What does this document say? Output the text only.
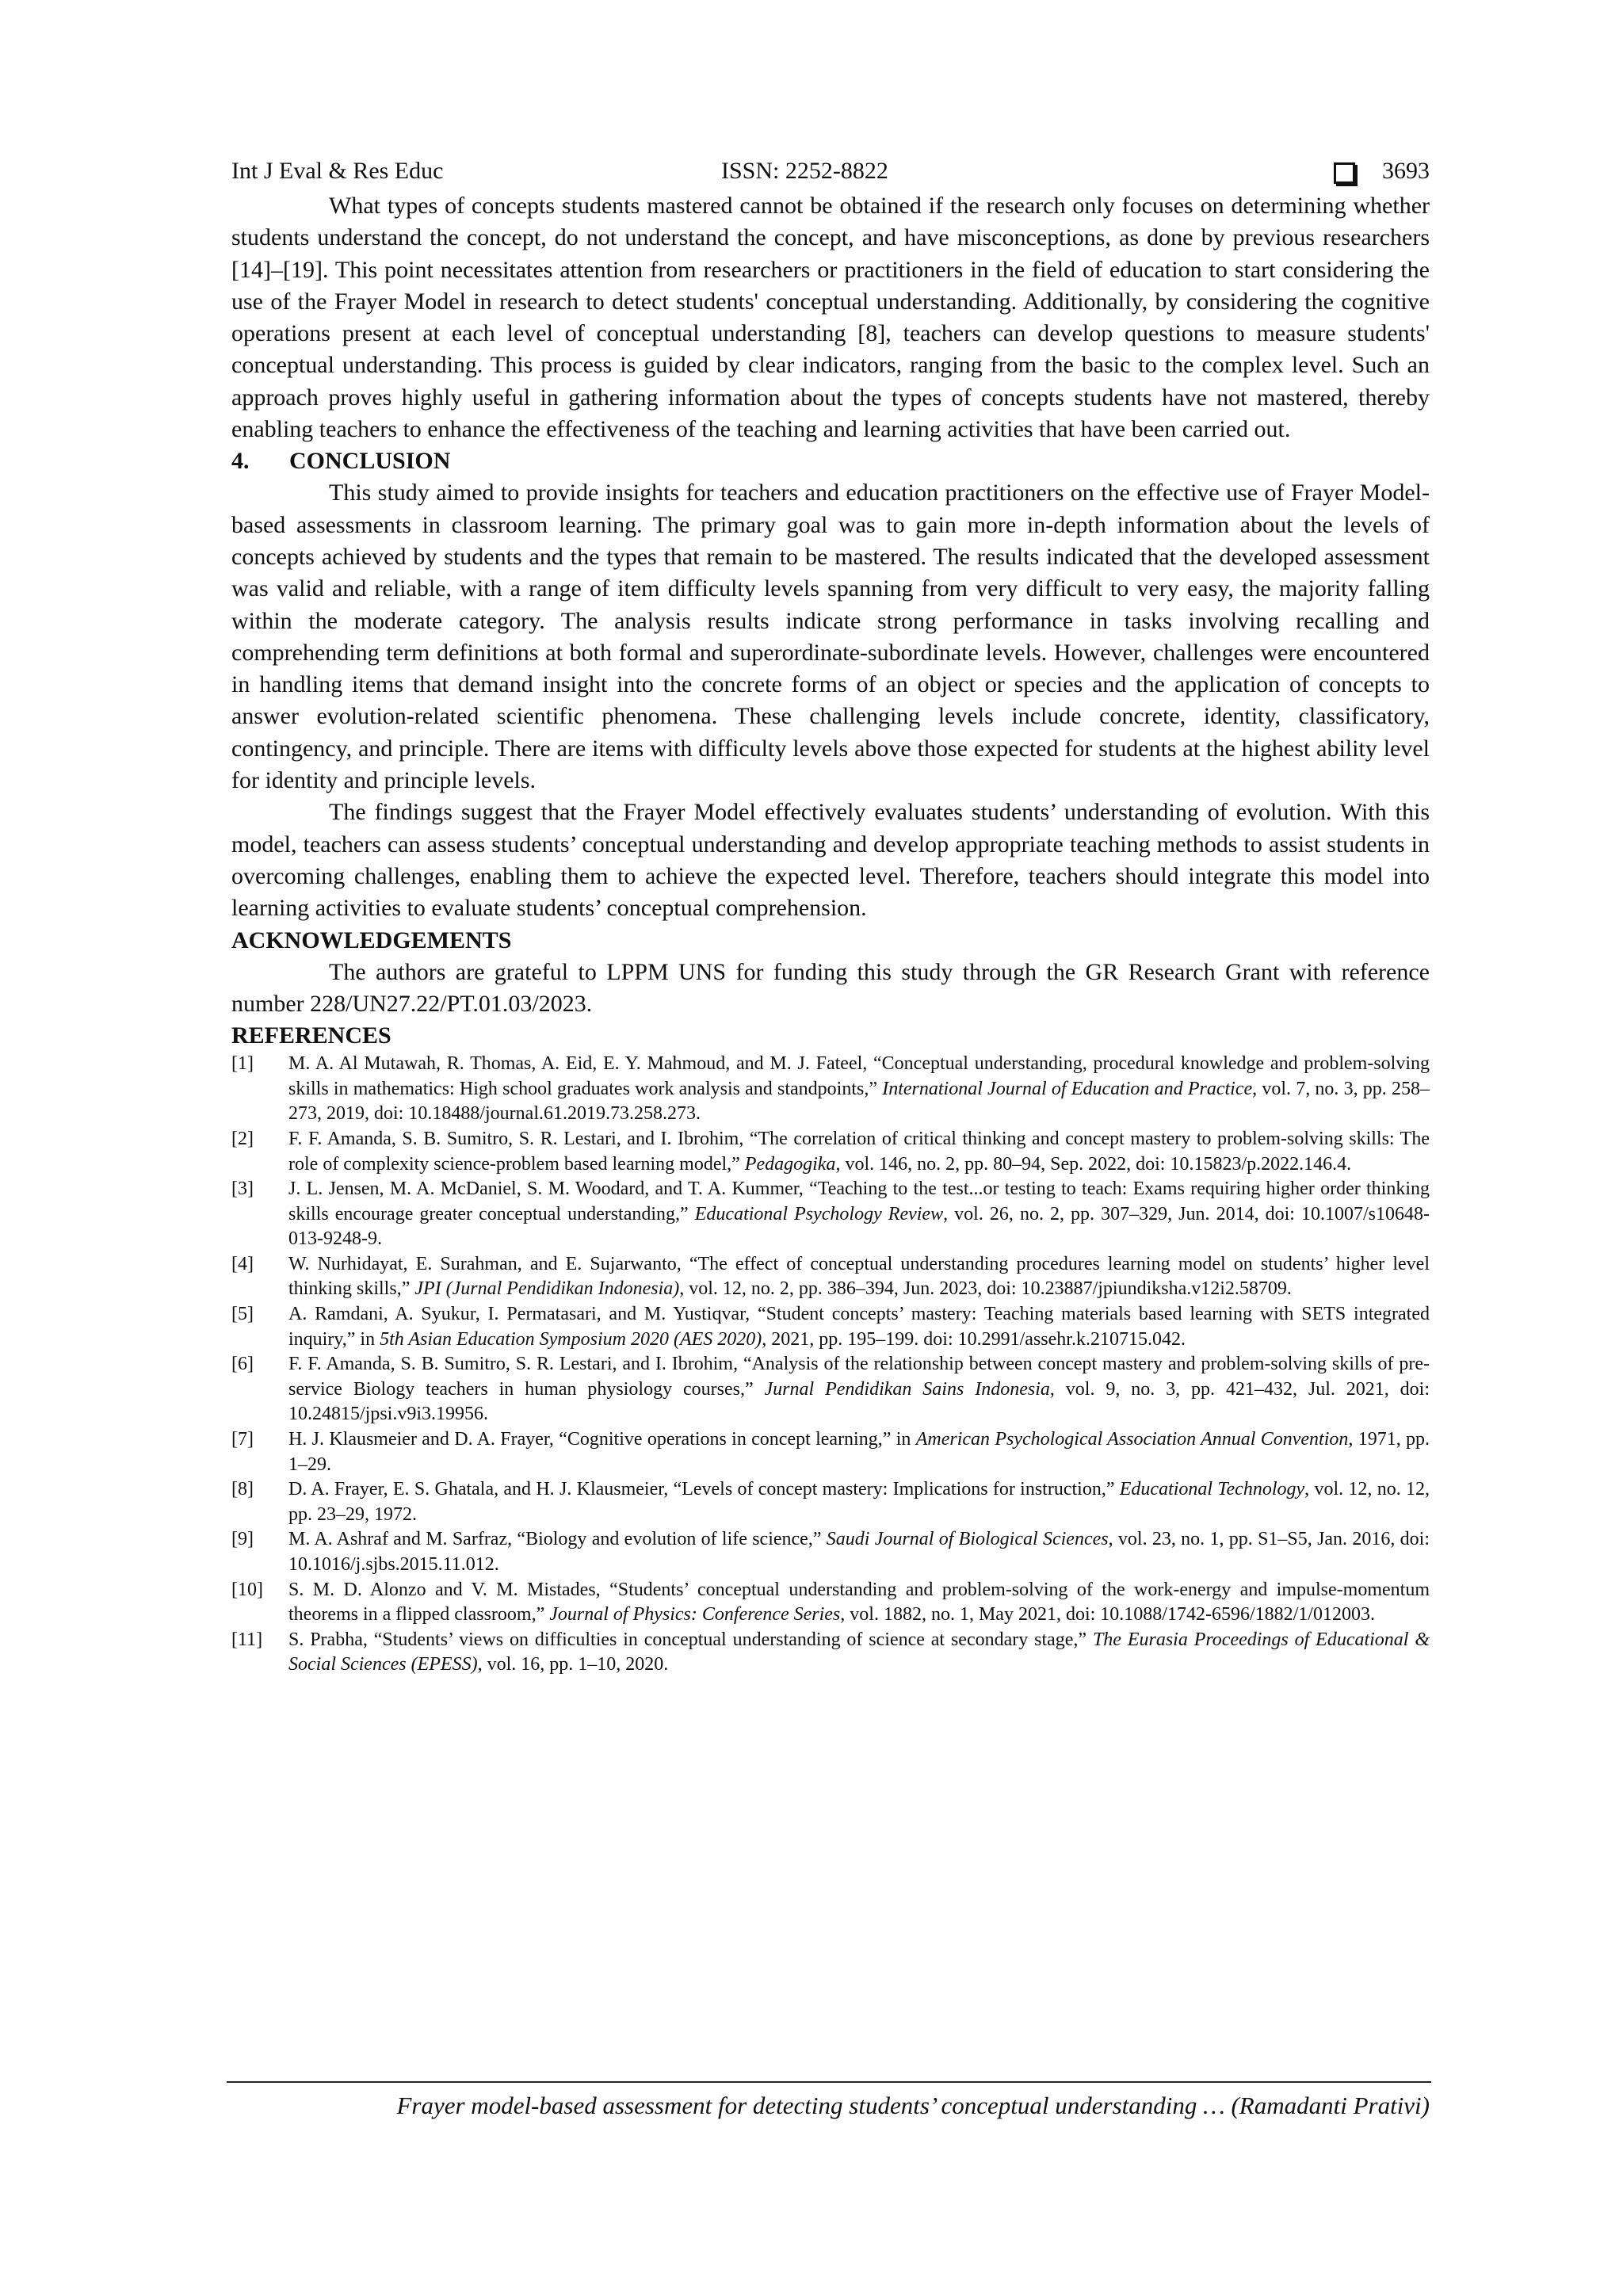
Int J Eval & Res Educ	ISSN: 2252-8822	3693

What types of concepts students mastered cannot be obtained if the research only focuses on determining whether students understand the concept, do not understand the concept, and have misconceptions, as done by previous researchers [14]–[19]. This point necessitates attention from researchers or practitioners in the field of education to start considering the use of the Frayer Model in research to detect students' conceptual understanding. Additionally, by considering the cognitive operations present at each level of conceptual understanding [8], teachers can develop questions to measure students' conceptual understanding. This process is guided by clear indicators, ranging from the basic to the complex level. Such an approach proves highly useful in gathering information about the types of concepts students have not mastered, thereby enabling teachers to enhance the effectiveness of the teaching and learning activities that have been carried out.

4. CONCLUSION

This study aimed to provide insights for teachers and education practitioners on the effective use of Frayer Model-based assessments in classroom learning. The primary goal was to gain more in-depth information about the levels of concepts achieved by students and the types that remain to be mastered. The results indicated that the developed assessment was valid and reliable, with a range of item difficulty levels spanning from very difficult to very easy, the majority falling within the moderate category. The analysis results indicate strong performance in tasks involving recalling and comprehending term definitions at both formal and superordinate-subordinate levels. However, challenges were encountered in handling items that demand insight into the concrete forms of an object or species and the application of concepts to answer evolution-related scientific phenomena. These challenging levels include concrete, identity, classificatory, contingency, and principle. There are items with difficulty levels above those expected for students at the highest ability level for identity and principle levels.

The findings suggest that the Frayer Model effectively evaluates students’ understanding of evolution. With this model, teachers can assess students’ conceptual understanding and develop appropriate teaching methods to assist students in overcoming challenges, enabling them to achieve the expected level. Therefore, teachers should integrate this model into learning activities to evaluate students’ conceptual comprehension.

ACKNOWLEDGEMENTS

The authors are grateful to LPPM UNS for funding this study through the GR Research Grant with reference number 228/UN27.22/PT.01.03/2023.

REFERENCES
[1]	M. A. Al Mutawah, R. Thomas, A. Eid, E. Y. Mahmoud, and M. J. Fateel, “Conceptual understanding, procedural knowledge and problem-solving skills in mathematics: High school graduates work analysis and standpoints,” International Journal of Education and Practice, vol. 7, no. 3, pp. 258–273, 2019, doi: 10.18488/journal.61.2019.73.258.273.
[2]	F. F. Amanda, S. B. Sumitro, S. R. Lestari, and I. Ibrohim, “The correlation of critical thinking and concept mastery to problem-solving skills: The role of complexity science-problem based learning model,” Pedagogika, vol. 146, no. 2, pp. 80–94, Sep. 2022, doi: 10.15823/p.2022.146.4.
[3]	J. L. Jensen, M. A. McDaniel, S. M. Woodard, and T. A. Kummer, “Teaching to the test...or testing to teach: Exams requiring higher order thinking skills encourage greater conceptual understanding,” Educational Psychology Review, vol. 26, no. 2, pp. 307–329, Jun. 2014, doi: 10.1007/s10648-013-9248-9.
[4]	W. Nurhidayat, E. Surahman, and E. Sujarwanto, “The effect of conceptual understanding procedures learning model on students’ higher level thinking skills,” JPI (Jurnal Pendidikan Indonesia), vol. 12, no. 2, pp. 386–394, Jun. 2023, doi: 10.23887/jpiundiksha.v12i2.58709.
[5]	A. Ramdani, A. Syukur, I. Permatasari, and M. Yustiqvar, “Student concepts’ mastery: Teaching materials based learning with SETS integrated inquiry,” in 5th Asian Education Symposium 2020 (AES 2020), 2021, pp. 195–199. doi: 10.2991/assehr.k.210715.042.
[6]	F. F. Amanda, S. B. Sumitro, S. R. Lestari, and I. Ibrohim, “Analysis of the relationship between concept mastery and problem-solving skills of pre-service Biology teachers in human physiology courses,” Jurnal Pendidikan Sains Indonesia, vol. 9, no. 3, pp. 421–432, Jul. 2021, doi: 10.24815/jpsi.v9i3.19956.
[7]	H. J. Klausmeier and D. A. Frayer, “Cognitive operations in concept learning,” in American Psychological Association Annual Convention, 1971, pp. 1–29.
[8]	D. A. Frayer, E. S. Ghatala, and H. J. Klausmeier, “Levels of concept mastery: Implications for instruction,” Educational Technology, vol. 12, no. 12, pp. 23–29, 1972.
[9]	M. A. Ashraf and M. Sarfraz, “Biology and evolution of life science,” Saudi Journal of Biological Sciences, vol. 23, no. 1, pp. S1–S5, Jan. 2016, doi: 10.1016/j.sjbs.2015.11.012.
[10]	S. M. D. Alonzo and V. M. Mistades, “Students’ conceptual understanding and problem-solving of the work-energy and impulse-momentum theorems in a flipped classroom,” Journal of Physics: Conference Series, vol. 1882, no. 1, May 2021, doi: 10.1088/1742-6596/1882/1/012003.
[11]	S. Prabha, “Students’ views on difficulties in conceptual understanding of science at secondary stage,” The Eurasia Proceedings of Educational & Social Sciences (EPESS), vol. 16, pp. 1–10, 2020.
Frayer model-based assessment for detecting students’ conceptual understanding … (Ramadanti Prativi)
